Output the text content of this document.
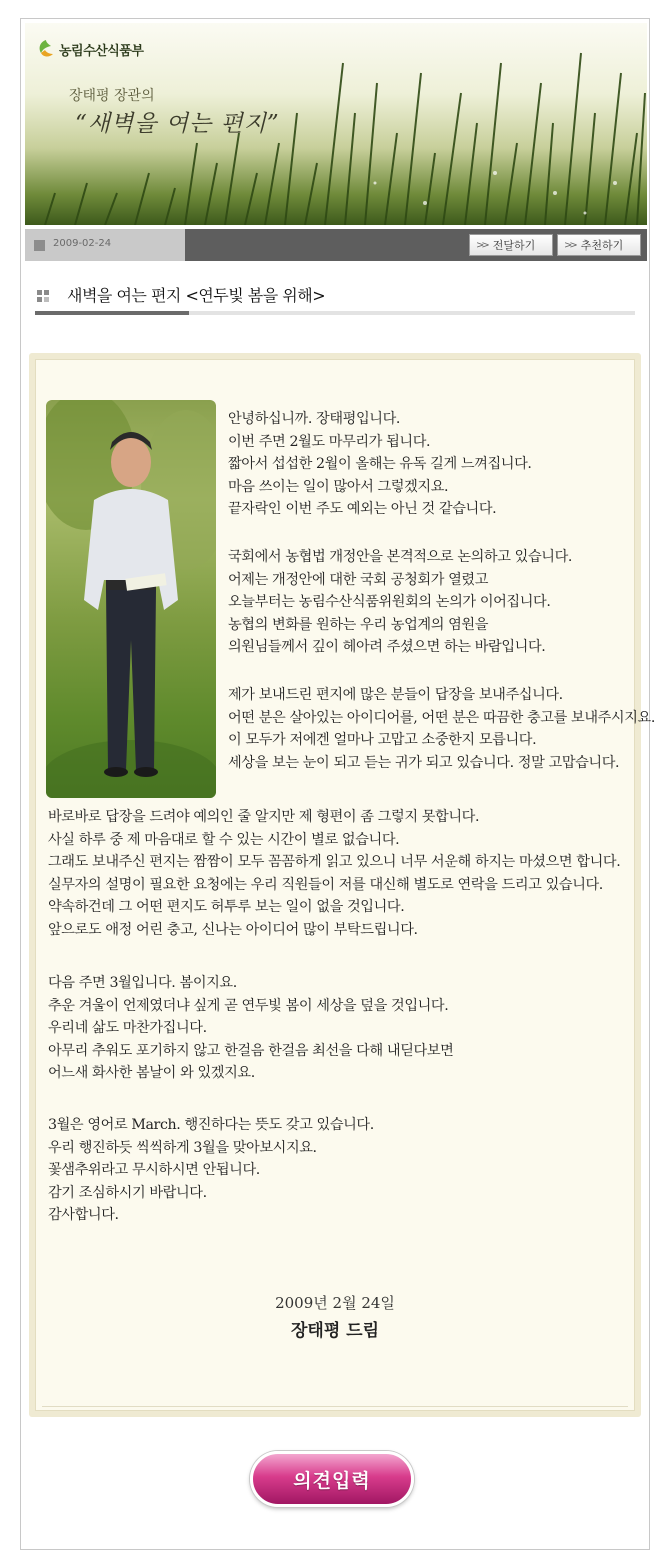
농림수산식품부
장태평 장관의
“새벽을 여는 편지”
2009-02-24	>> 전달하기	>> 추천하기
새벽을 여는 편지 <연두빛 봄을 위해>
안녕하십니까. 장태평입니다.
이번 주면 2월도 마무리가 됩니다.
짧아서 섭섭한 2월이 올해는 유독 길게 느껴집니다.
마음 쓰이는 일이 많아서 그렇겠지요.
끝자락인 이번 주도 예외는 아닌 것 같습니다.
국회에서 농협법 개정안을 본격적으로 논의하고 있습니다.
어제는 개정안에 대한 국회 공청회가 열렸고
오늘부터는 농림수산식품위원회의 논의가 이어집니다.
농협의 변화를 원하는 우리 농업계의 염원을
의원님들께서 깊이 헤아려 주셨으면 하는 바람입니다.
제가 보내드린 편지에 많은 분들이 답장을 보내주십니다.
어떤 분은 살아있는 아이디어를, 어떤 분은 따끔한 충고를 보내주시지요.
이 모두가 저에겐 얼마나 고맙고 소중한지 모릅니다.
세상을 보는 눈이 되고 듣는 귀가 되고 있습니다. 정말 고맙습니다.
바로바로 답장을 드려야 예의인 줄 알지만 제 형편이 좀 그렇지 못합니다.
사실 하루 중 제 마음대로 할 수 있는 시간이 별로 없습니다.
그래도 보내주신 편지는 짬짬이 모두 꼼꼼하게 읽고 있으니 너무 서운해 하지는 마셨으면 합니다.
실무자의 설명이 필요한 요청에는 우리 직원들이 저를 대신해 별도로 연락을 드리고 있습니다.
약속하건데 그 어떤 편지도 허투루 보는 일이 없을 것입니다.
앞으로도 애정 어린 충고, 신나는 아이디어 많이 부탁드립니다.
다음 주면 3월입니다. 봄이지요.
추운 겨울이 언제였더냐 싶게 곧 연두빛 봄이 세상을 덮을 것입니다.
우리네 삶도 마찬가집니다.
아무리 추워도 포기하지 않고 한걸음 한걸음 최선을 다해 내딛다보면
어느새 화사한 봄날이 와 있겠지요.
3월은 영어로 March. 행진하다는 뜻도 갖고 있습니다.
우리 행진하듯 씩씩하게 3월을 맞아보시지요.
꽃샘추위라고 무시하시면 안됩니다.
감기 조심하시기 바랍니다.
감사합니다.
2009년 2월 24일
장태평 드림
의견입력
